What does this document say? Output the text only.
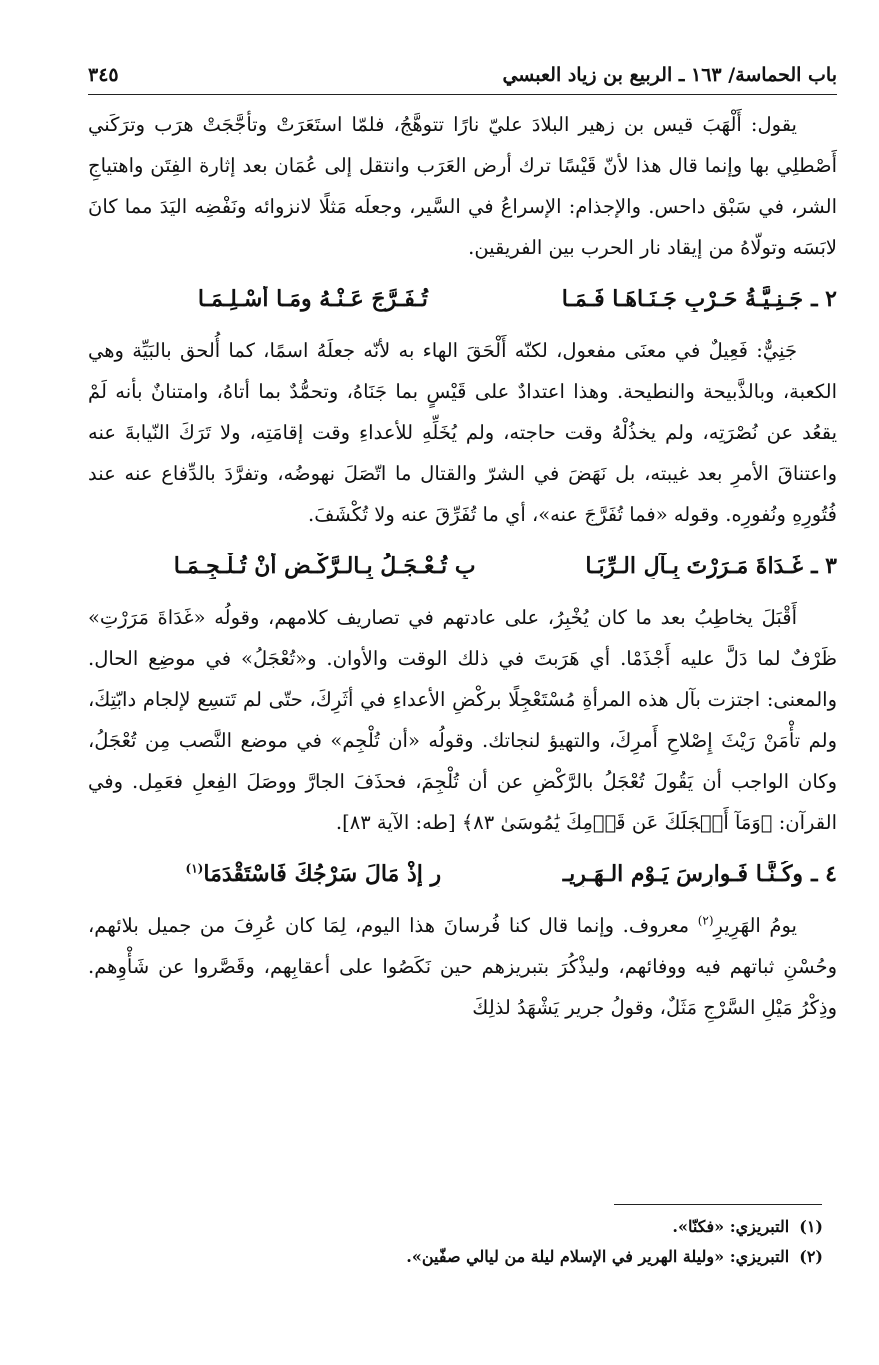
باب الحماسة/ ١٦٣ ـ الربيع بن زياد العبسي
٣٤٥

يقول: أَلْهَبَ قيس بن زهير البلادَ عليّ نارًا تتوهَّجُ، فلمّا استَعَرَتْ وتأجَّجَتْ هرَب وترَكَني أَصْطلِي بها وإنما قال هذا لأنّ قَيْسًا ترك أرض العَرَب وانتقل إلى عُمَان بعد إثارة الفِتَن واهتياجِ الشر، في سَبْق داحس. والإجذام: الإسراعُ في السَّير، وجعلَه مَثلًا لانزوائه ونَفْضِه اليَدَ مما كانَ لابَسَه وتولّاهُ من إيقاد نار الحرب بين الفريقين.

٢ ـ
جَـنِـيَّـةُ حَـرْبٍ جَـنَـاهَـا فَـمَـا
تُـفَـرَّجَ عَـنْـهُ ومَـا أُسْـلِـمَـا

جَنِيٌّ: فَعِيلٌ في معنَى مفعول، لكنّه أَلْحَقَ الهاء به لأنّه جعلَهُ اسمًا، كما أُلحق بالبَيِّة وهي الكعبة، وبالذَّبيحة والنطيحة. وهذا اعتدادٌ على قَيْسٍ بما جَنَاهُ، وتحمُّدٌ بما أتاهُ، وامتنانٌ بأنه لَمْ يقعُد عن نُصْرَتِه، ولم يخذُلْهُ وقت حاجته، ولم يُخَلِّهِ للأعداءِ وقت إقامَتِه، ولا تَرَكَ النّيابةَ عنه واعتناقَ الأمرِ بعد غيبته، بل نَهَضَ في الشرّ والقتال ما اتّصَلَ نهوضُه، وتفرَّدَ بالدِّفاع عنه عند فُتُورِهِ ونُفورِه. وقوله «فما تُفَرَّجَ عنه»، أي ما تُفَرِّقَ عنه ولا تُكْشَفَ.

٣ ـ
غَـدَاةَ مَـرَرْتَ بِـآلِ الـرِّبَـا
بِ تُـعْـجَـلُ بِـالـرَّكْـضِ أَنْ تُـلْـجِـمَـا

أَقْبَلَ يخاطِبُ بعد ما كان يُخْبِرُ، على عادتهم في تصاريف كلامهم، وقولُه «غَدَاةَ مَرَرْتِ» ظَرْفٌ لما دَلَّ عليه أَجْذَمْا. أي هَرَبتَ في ذلك الوقت والأوان. و«تُعْجَلُ» في موضِع الحال. والمعنى: اجتزت بآل هذه المرأةِ مُسْتَعْجِلًا بركْضِ الأعداءِ في أثَرِكَ، حتّى لم تَتسِع لإلجام دابّتِكَ، ولم تأْمَنْ رَيْثَ إِصْلاحِ أَمرِكَ، والتهيؤ لنجاتك. وقولُه «أن تُلْجِم» في موضع النَّصب مِن تُعْجَلُ، وكان الواجب أن يَقُولَ تُعْجَلُ بالرَّكْضِ عن أن تُلْجِمَ، فحذَفَ الجارَّ ووصَلَ الفِعلِ فعَمِل. وفي القرآن: ﴿وَمَآ أَعۡجَلَكَ عَن قَوۡمِكَ يَٰمُوسَىٰ ٨٣﴾ [طه: الآية ٨٣].

٤ ـ
وكُـنَّـا فَـوارِسَ يَـوْمِ الـهَـرِيـ
رِ إِذْ مَالَ سَرْجُكَ فَاسْتَقْدَمَا$^{(١)}$

يومُ الهَرِيرِ$^{(٢)}$ معروف. وإنما قال كنا فُرسانَ هذا اليوم، لِمَا كان عُرِفَ من جميل بلائهم، وحُسْنِ ثباتهم فيه ووفائهم، وليذْكُرَ بتبريزهم حين نَكَصُوا على أعقابِهم، وقَصَّروا عن شَأْوِهم. وذِكْرُ مَيْلِ السَّرْجِ مَثَلٌ، وقولُ جرير يَشْهَدُ لذلِكَ

(١)التبريزي: «فكنّا».

(٢)التبريزي: «وليلة الهرير في الإسلام ليلة من ليالي صفّين».
